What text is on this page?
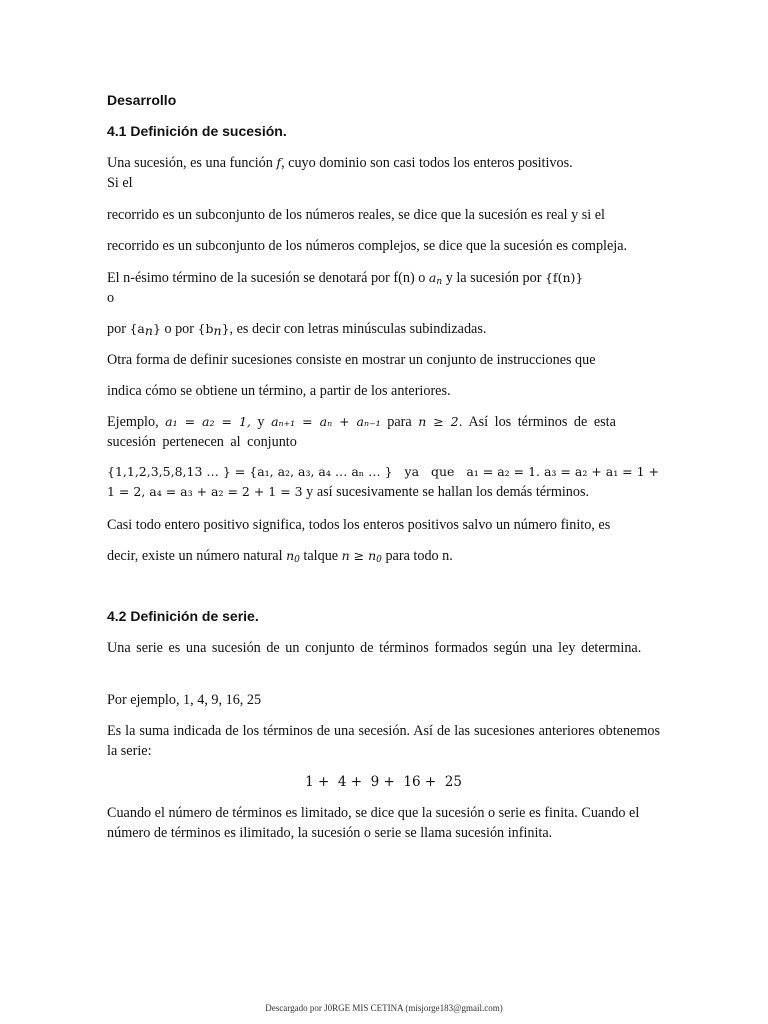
Desarrollo
4.1 Definición de sucesión.

Una sucesión, es una función f, cuyo dominio son casi todos los enteros positivos.
Si el

recorrido es un subconjunto de los números reales, se dice que la sucesión es real y si el

recorrido es un subconjunto de los números complejos, se dice que la sucesión es compleja.

El n-ésimo término de la sucesión se denotará por f(n) o $a_n$ y la sucesión por {f(n)}
o

por $\{a_n\}$ o por $\{b_n\}$, es decir con letras minúsculas subindizadas.

Otra forma de definir sucesiones consiste en mostrar un conjunto de instrucciones que

indica cómo se obtiene un término, a partir de los anteriores.

Ejemplo, a₁ = a₂ = 1, y aₙ₊₁ = aₙ + aₙ₋₁ para n ≥ 2. Así los términos de esta
sucesión pertenecen al conjunto

{1,1,2,3,5,8,13 … } = {a₁, a₂, a₃, a₄ … aₙ … }   ya   que   a₁ = a₂ = 1. a₃ = a₂ + a₁ = 1 +
1 = 2, a₄ = a₃ + a₂ = 2 + 1 = 3 y así sucesivamente se hallan los demás términos.

Casi todo entero positivo significa, todos los enteros positivos salvo un número finito, es

decir, existe un número natural $n_0$ talque $n \ge n_0$ para todo n.

4.2 Definición de serie.

Una serie es una sucesión de un conjunto de términos formados según una ley determina.

Por ejemplo, 1, 4, 9, 16, 25

Es la suma indicada de los términos de una secesión. Así de las sucesiones anteriores obtenemos la serie:

1 +  4 +  9 +  16 +  25

Cuando el número de términos es limitado, se dice que la sucesión o serie es finita. Cuando el número de términos es ilimitado, la sucesión o serie se llama sucesión infinita.

Descargado por J0RGE MIS CETINA (misjorge183@gmail.com)
